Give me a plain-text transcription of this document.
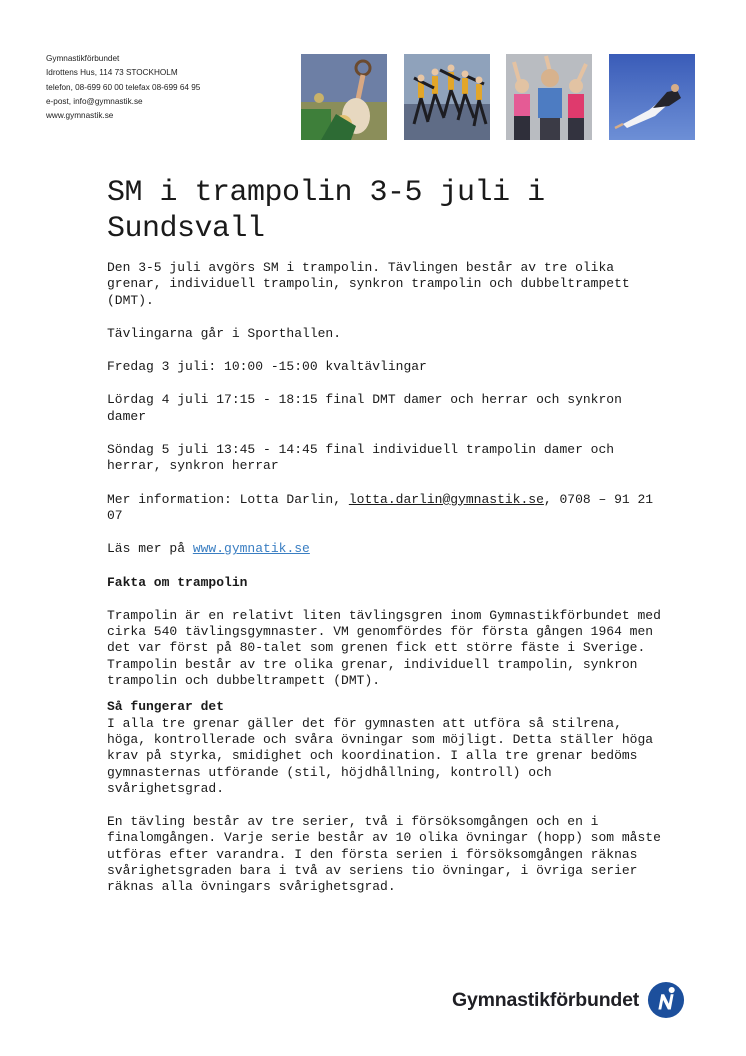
Gymnastikförbundet
Idrottens Hus, 114 73 STOCKHOLM
telefon, 08-699 60 00 telefax 08-699 64 95
e-post, info@gymnastik.se
www.gymnastik.se
SM i trampolin 3-5 juli i Sundsvall

Den 3-5 juli avgörs SM i trampolin. Tävlingen består av tre olika grenar, individuell trampolin, synkron trampolin och dubbeltrampett (DMT).

Tävlingarna går i Sporthallen.

Fredag 3 juli: 10:00 -15:00 kvaltävlingar

Lördag 4 juli 17:15 - 18:15 final DMT damer och herrar och synkron damer

Söndag 5 juli 13:45 - 14:45 final individuell trampolin damer och herrar, synkron herrar

Mer information: Lotta Darlin, lotta.darlin@gymnastik.se, 0708 – 91 21 07

Läs mer på www.gymnatik.se

Fakta om trampolin

Trampolin är en relativt liten tävlingsgren inom Gymnastikförbundet med cirka 540 tävlingsgymnaster. VM genomfördes för första gången 1964 men det var först på 80-talet som grenen fick ett större fäste i Sverige. Trampolin består av tre olika grenar, individuell trampolin, synkron trampolin och dubbeltrampett (DMT).

Så fungerar det

I alla tre grenar gäller det för gymnasten att utföra så stilrena, höga, kontrollerade och svåra övningar som möjligt. Detta ställer höga krav på styrka, smidighet och koordination. I alla tre grenar bedöms gymnasternas utförande (stil, höjdhållning, kontroll) och svårighetsgrad.

En tävling består av tre serier, två i försöksomgången och en i finalomgången. Varje serie består av 10 olika övningar (hopp) som måste utföras efter varandra. I den första serien i försöksomgången räknas svårighetsgraden bara i två av seriens tio övningar, i övriga serier räknas alla övningars svårighetsgrad.

Gymnastikförbundet
